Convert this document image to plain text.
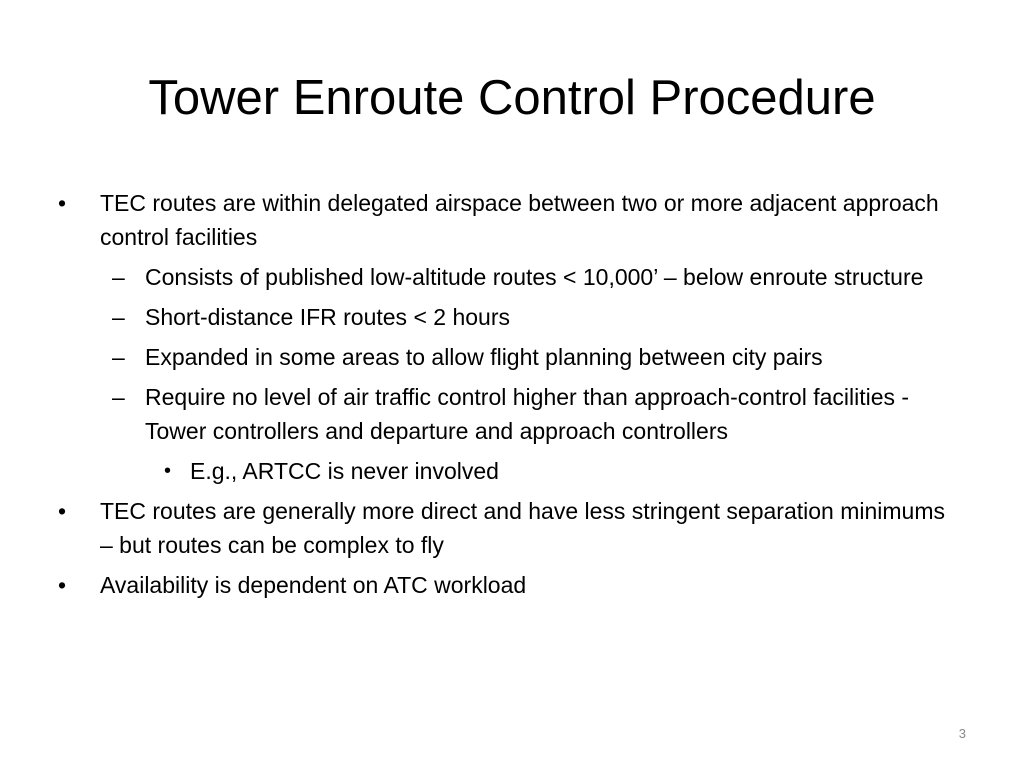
Tower Enroute Control Procedure
• TEC routes are within delegated airspace between two or more adjacent approach control facilities
– Consists of published low-altitude routes < 10,000’ – below enroute structure
– Short-distance IFR routes < 2 hours
– Expanded in some areas to allow flight planning between city pairs
– Require no level of air traffic control higher than approach-control facilities - Tower controllers and departure and approach controllers
• E.g., ARTCC is never involved
• TEC routes are generally more direct and have less stringent separation minimums – but routes can be complex to fly
• Availability is dependent on ATC workload
3
